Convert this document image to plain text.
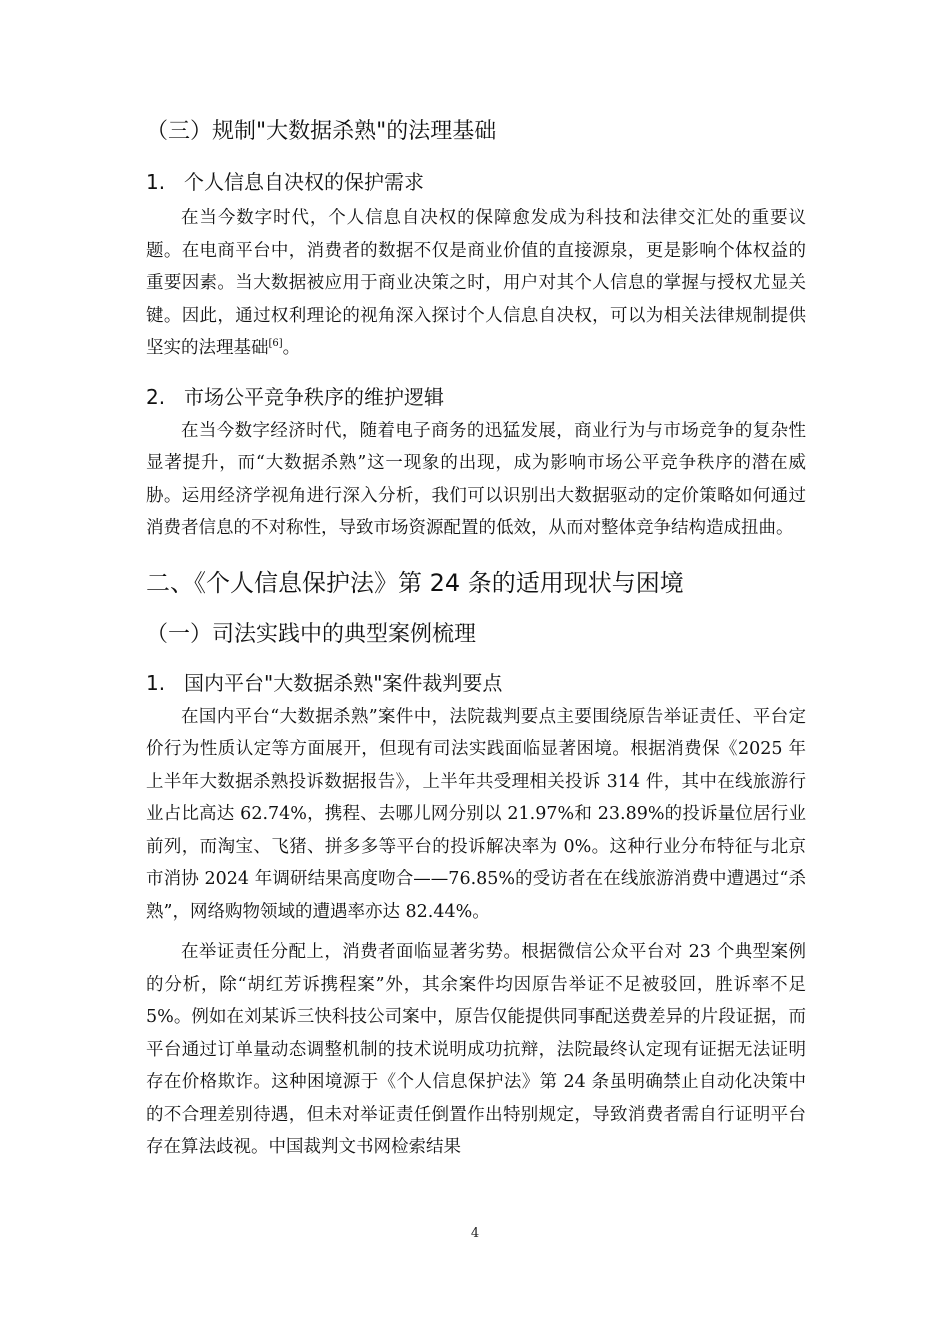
（三）规制"大数据杀熟"的法理基础
1. 个人信息自决权的保护需求

在当今数字时代，个人信息自决权的保障愈发成为科技和法律交汇处的重要议题。在电商平台中，消费者的数据不仅是商业价值的直接源泉，更是影响个体权益的重要因素。当大数据被应用于商业决策之时，用户对其个人信息的掌握与授权尤显关键。因此，通过权利理论的视角深入探讨个人信息自决权，可以为相关法律规制提供坚实的法理基础[6]。

2. 市场公平竞争秩序的维护逻辑

在当今数字经济时代，随着电子商务的迅猛发展，商业行为与市场竞争的复杂性显著提升，而“大数据杀熟”这一现象的出现，成为影响市场公平竞争秩序的潜在威胁。运用经济学视角进行深入分析，我们可以识别出大数据驱动的定价策略如何通过消费者信息的不对称性，导致市场资源配置的低效，从而对整体竞争结构造成扭曲。

二、《个人信息保护法》第 24 条的适用现状与困境
（一）司法实践中的典型案例梳理
1. 国内平台"大数据杀熟"案件裁判要点

在国内平台“大数据杀熟”案件中，法院裁判要点主要围绕原告举证责任、平台定价行为性质认定等方面展开，但现有司法实践面临显著困境。根据消费保《2025 年上半年大数据杀熟投诉数据报告》，上半年共受理相关投诉 314 件，其中在线旅游行业占比高达 62.74%，携程、去哪儿网分别以 21.97%和 23.89%的投诉量位居行业前列，而淘宝、飞猪、拼多多等平台的投诉解决率为 0%。这种行业分布特征与北京市消协 2024 年调研结果高度吻合——76.85%的受访者在在线旅游消费中遭遇过“杀熟”，网络购物领域的遭遇率亦达 82.44%。

在举证责任分配上，消费者面临显著劣势。根据微信公众平台对 23 个典型案例的分析，除“胡红芳诉携程案”外，其余案件均因原告举证不足被驳回，胜诉率不足 5%。例如在刘某诉三快科技公司案中，原告仅能提供同事配送费差异的片段证据，而平台通过订单量动态调整机制的技术说明成功抗辩，法院最终认定现有证据无法证明存在价格欺诈。这种困境源于《个人信息保护法》第 24 条虽明确禁止自动化决策中的不合理差别待遇，但未对举证责任倒置作出特别规定，导致消费者需自行证明平台存在算法歧视。中国裁判文书网检索结果

4
